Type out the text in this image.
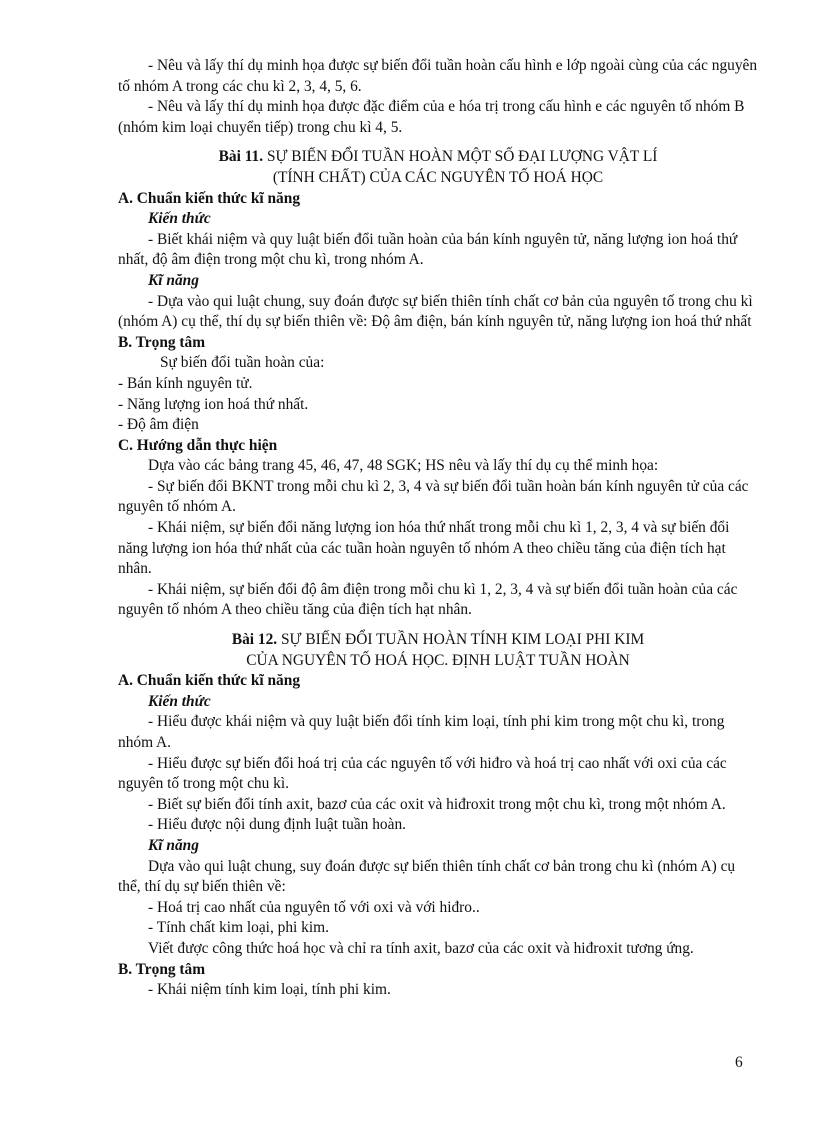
- Nêu và lấy thí dụ minh họa được sự biến đổi tuần hoàn cấu hình e lớp ngoài cùng của các nguyên tố nhóm A trong các chu kì 2, 3, 4, 5, 6.

- Nêu và lấy thí dụ minh họa được đặc điểm của e hóa trị trong cấu hình e các nguyên tố nhóm B (nhóm kim loại chuyển tiếp) trong chu kì 4, 5.

Bài 11. SỰ BIẾN ĐỔI TUẦN HOÀN MỘT SỐ ĐẠI LƯỢNG VẬT LÍ
(TÍNH CHẤT) CỦA CÁC NGUYÊN TỐ HOÁ HỌC

A. Chuẩn kiến thức kĩ năng

Kiến thức

- Biết khái niệm và quy luật biến đổi tuần hoàn của bán kính nguyên tử, năng lượng ion hoá thứ nhất, độ âm điện trong một chu kì, trong nhóm A.

Kĩ năng

- Dựa vào qui luật chung, suy đoán được sự biến thiên tính chất cơ bản của nguyên tố trong chu kì (nhóm A) cụ thể, thí dụ sự biến thiên về: Độ âm điện, bán kính nguyên tử, năng lượng ion hoá thứ nhất

B. Trọng tâm

Sự biến đổi tuần hoàn của:

- Bán kính nguyên tử.

- Năng lượng ion hoá thứ nhất.

- Độ âm điện

C. Hướng dẫn thực hiện

Dựa vào các bảng trang 45, 46, 47, 48 SGK; HS nêu và lấy thí dụ cụ thể minh họa:

- Sự biến đổi BKNT trong mỗi chu kì 2, 3, 4 và sự biến đổi tuần hoàn bán kính nguyên tử của các nguyên tố nhóm A.

- Khái niệm, sự biến đổi năng lượng ion hóa thứ nhất trong mỗi chu kì 1, 2, 3, 4 và sự biến đổi năng lượng ion hóa thứ nhất của các tuần hoàn nguyên tố nhóm A theo chiều tăng của điện tích hạt nhân.

- Khái niệm, sự biến đổi độ âm điện trong mỗi chu kì 1, 2, 3, 4 và sự biến đổi tuần hoàn của các nguyên tố nhóm A theo chiều tăng của điện tích hạt nhân.

Bài 12. SỰ BIẾN ĐỔI TUẦN HOÀN TÍNH KIM LOẠI PHI KIM
CỦA NGUYÊN TỐ HOÁ HỌC. ĐỊNH LUẬT TUẦN HOÀN

A. Chuẩn kiến thức kĩ năng

Kiến thức

- Hiểu được khái niệm và quy luật biến đổi tính kim loại, tính phi kim trong một chu kì, trong nhóm A.

- Hiểu được sự biến đổi hoá trị của các nguyên tố với hiđro và hoá trị cao nhất với oxi của các nguyên tố trong một chu kì.

- Biết sự biến đổi tính axit, bazơ của các oxit và hiđroxit trong một chu kì, trong một nhóm A.

- Hiểu được nội dung định luật tuần hoàn.

Kĩ năng

Dựa vào qui luật chung, suy đoán được sự biến thiên tính chất cơ bản trong chu kì (nhóm A) cụ thể, thí dụ sự biến thiên về:

- Hoá trị cao nhất của nguyên tố với oxi và với hiđro..

- Tính chất kim loại, phi kim.

Viết được công thức hoá học và chỉ ra tính axit, bazơ của các oxit và hiđroxit tương ứng.

B. Trọng tâm

- Khái niệm tính kim loại, tính phi kim.

6
